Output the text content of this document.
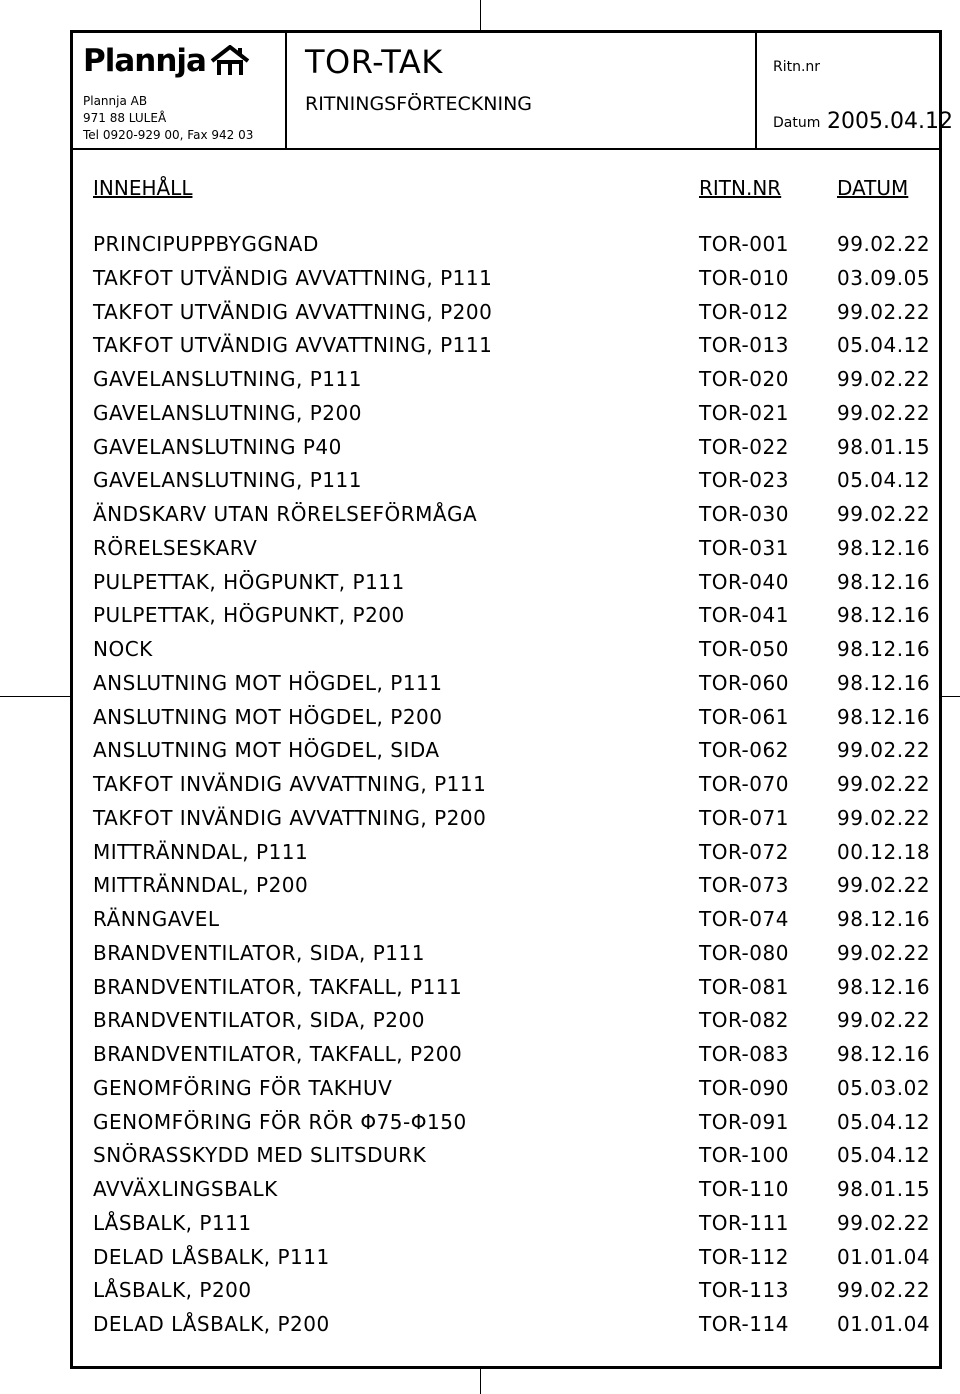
Plannja
Plannja AB
971 88 LULEÅ
Tel 0920-929 00, Fax 942 03
TOR-TAK
RITNINGSFÖRTECKNING
Ritn.nr
Datum 2005.04.12
INNEHÅLL	RITN.NR	DATUM
PRINCIPUPPBYGGNAD	TOR-001 99.02.22
TAKFOT UTVÄNDIG AVVATTNING, P111	TOR-010 03.09.05
TAKFOT UTVÄNDIG AVVATTNING, P200	TOR-012 99.02.22
TAKFOT UTVÄNDIG AVVATTNING, P111	TOR-013 05.04.12
GAVELANSLUTNING, P111	TOR-020 99.02.22
GAVELANSLUTNING, P200	TOR-021 99.02.22
GAVELANSLUTNING P40	TOR-022 98.01.15
GAVELANSLUTNING, P111	TOR-023 05.04.12
ÄNDSKARV UTAN RÖRELSEFÖRMÅGA	TOR-030 99.02.22
RÖRELSESKARV	TOR-031 98.12.16
PULPETTAK, HÖGPUNKT, P111	TOR-040 98.12.16
PULPETTAK, HÖGPUNKT, P200	TOR-041 98.12.16
NOCK	TOR-050 98.12.16
ANSLUTNING MOT HÖGDEL, P111	TOR-060 98.12.16
ANSLUTNING MOT HÖGDEL, P200	TOR-061 98.12.16
ANSLUTNING MOT HÖGDEL, SIDA	TOR-062 99.02.22
TAKFOT INVÄNDIG AVVATTNING, P111	TOR-070 99.02.22
TAKFOT INVÄNDIG AVVATTNING, P200	TOR-071 99.02.22
MITTRÄNNDAL, P111	TOR-072 00.12.18
MITTRÄNNDAL, P200	TOR-073 99.02.22
RÄNNGAVEL	TOR-074 98.12.16
BRANDVENTILATOR, SIDA, P111	TOR-080 99.02.22
BRANDVENTILATOR, TAKFALL, P111	TOR-081 98.12.16
BRANDVENTILATOR, SIDA, P200	TOR-082 99.02.22
BRANDVENTILATOR, TAKFALL, P200	TOR-083 98.12.16
GENOMFÖRING FÖR TAKHUV	TOR-090 05.03.02
GENOMFÖRING FÖR RÖR Φ75-Φ150	TOR-091 05.04.12
SNÖRASSKYDD MED SLITSDURK	TOR-100 05.04.12
AVVÄXLINGSBALK	TOR-110 98.01.15
LÅSBALK, P111	TOR-111 99.02.22
DELAD LÅSBALK, P111	TOR-112 01.01.04
LÅSBALK, P200	TOR-113 99.02.22
DELAD LÅSBALK, P200	TOR-114 01.01.04
